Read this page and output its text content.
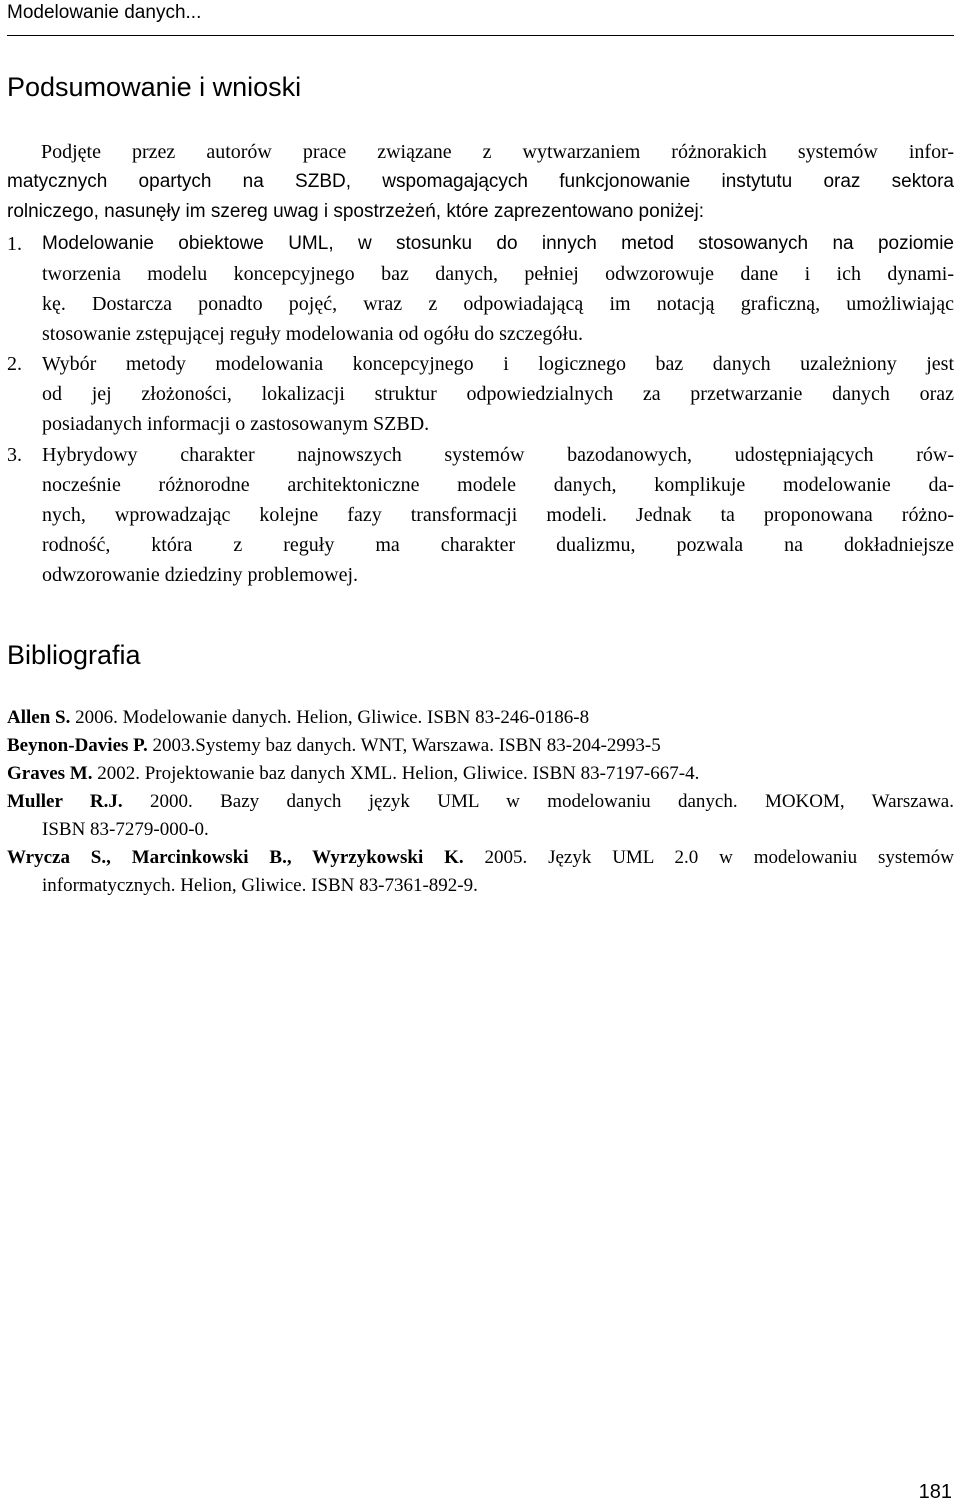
Modelowanie danych...
Podsumowanie i wnioski
Podjęte przez autorów prace związane z wytwarzaniem różnorakich systemów infor-
matycznych opartych na SZBD, wspomagających funkcjonowanie instytutu oraz sektora
rolniczego, nasunęły im szereg uwag i spostrzeżeń, które zaprezentowano poniżej:
1.	Modelowanie obiektowe UML, w stosunku do innych metod stosowanych na poziomie
tworzenia modelu koncepcyjnego baz danych, pełniej odwzorowuje dane i ich dynami-
kę. Dostarcza ponadto pojęć, wraz z odpowiadającą im notacją graficzną, umożliwiając
stosowanie zstępującej reguły modelowania od ogółu do szczegółu.
2.	Wybór metody modelowania koncepcyjnego i logicznego baz danych uzależniony jest
od jej złożoności, lokalizacji struktur odpowiedzialnych za przetwarzanie danych oraz
posiadanych informacji o zastosowanym SZBD.
3.	Hybrydowy charakter najnowszych systemów bazodanowych, udostępniających rów-
nocześnie różnorodne architektoniczne modele danych, komplikuje modelowanie da-
nych, wprowadzając kolejne fazy transformacji modeli. Jednak ta proponowana różno-
rodność, która z reguły ma charakter dualizmu, pozwala na dokładniejsze
odwzorowanie dziedziny problemowej.
Bibliografia
Allen S. 2006. Modelowanie danych. Helion, Gliwice. ISBN 83-246-0186-8
Beynon-Davies P. 2003.Systemy baz danych. WNT, Warszawa. ISBN 83-204-2993-5
Graves M. 2002. Projektowanie baz danych XML. Helion, Gliwice. ISBN 83-7197-667-4.
Muller R.J. 2000. Bazy danych język UML w modelowaniu danych. MOKOM, Warszawa.
ISBN 83-7279-000-0.
Wrycza S., Marcinkowski B., Wyrzykowski K. 2005. Język UML 2.0 w modelowaniu systemów
informatycznych. Helion, Gliwice. ISBN 83-7361-892-9.
181
